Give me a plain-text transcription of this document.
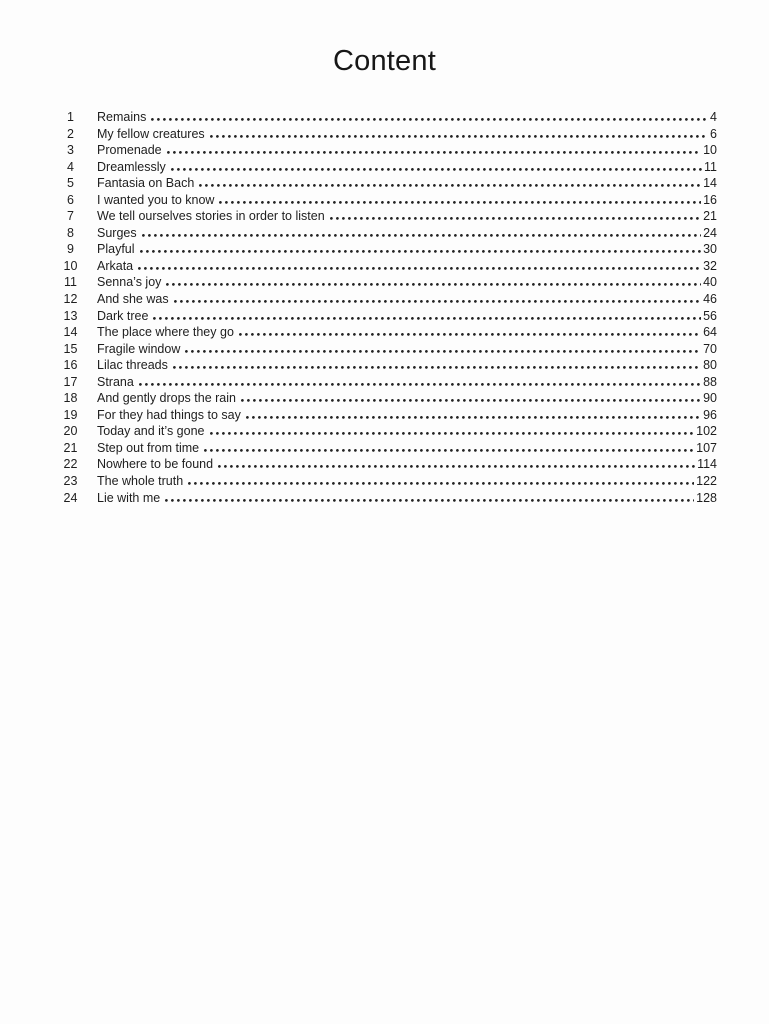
Content
1	Remains	4
2	My fellow creatures	6
3	Promenade	10
4	Dreamlessly	11
5	Fantasia on Bach	14
6	I wanted you to know	16
7	We tell ourselves stories in order to listen	21
8	Surges	24
9	Playful	30
10 Arkata	32
11 Senna’s joy	40
12 And she was	46
13 Dark tree	56
14 The place where they go	64
15 Fragile window	70
16 Lilac threads	80
17 Strana	88
18 And gently drops the rain	90
19 For they had things to say	96
20 Today and it’s gone	102
21 Step out from time	107
22 Nowhere to be found	114
23 The whole truth	122
24 Lie with me	128
